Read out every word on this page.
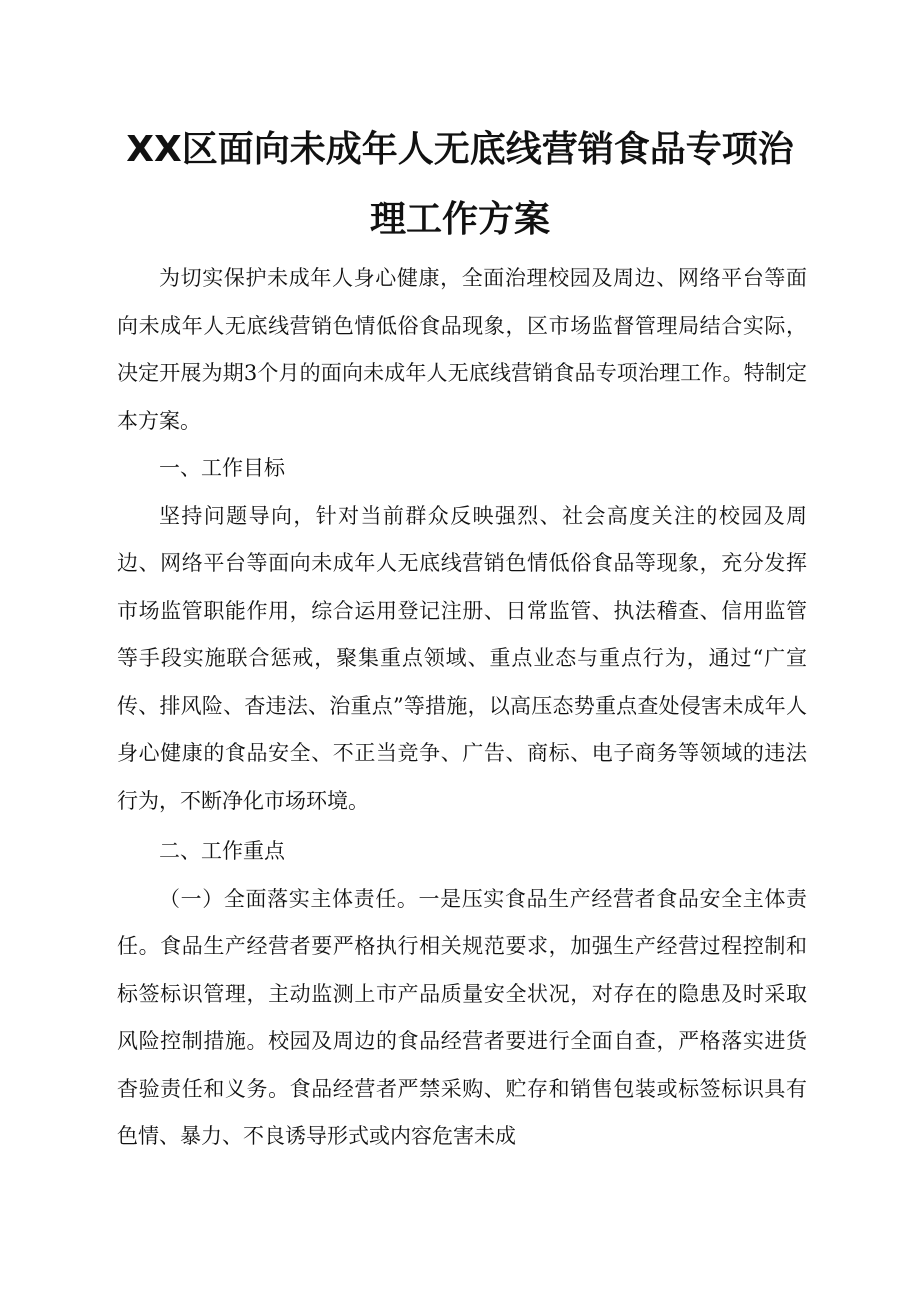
XX区面向未成年人无底线营销食品专项治
理工作方案

为切实保护未成年人身心健康，全面治理校园及周边、网络平台等面向未成年人无底线营销色情低俗食品现象，区市场监督管理局结合实际，决定开展为期3个月的面向未成年人无底线营销食品专项治理工作。特制定本方案。

一、工作目标

坚持问题导向，针对当前群众反映强烈、社会高度关注的校园及周边、网络平台等面向未成年人无底线营销色情低俗食品等现象，充分发挥市场监管职能作用，综合运用登记注册、日常监管、执法稽查、信用监管等手段实施联合惩戒，聚集重点领域、重点业态与重点行为，通过“广宣传、排风险、杳违法、治重点”等措施，以高压态势重点查处侵害未成年人身心健康的食品安全、不正当竞争、广告、商标、电子商务等领域的违法行为，不断净化市场环境。

二、工作重点

（一）全面落实主体责任。一是压实食品生产经营者食品安全主体责任。食品生产经营者要严格执行相关规范要求，加强生产经营过程控制和标签标识管理，主动监测上市产品质量安全状况，对存在的隐患及时采取风险控制措施。校园及周边的食品经营者要进行全面自查，严格落实进货杳验责任和义务。食品经营者严禁采购、贮存和销售包装或标签标识具有色情、暴力、不良诱导形式或内容危害未成
